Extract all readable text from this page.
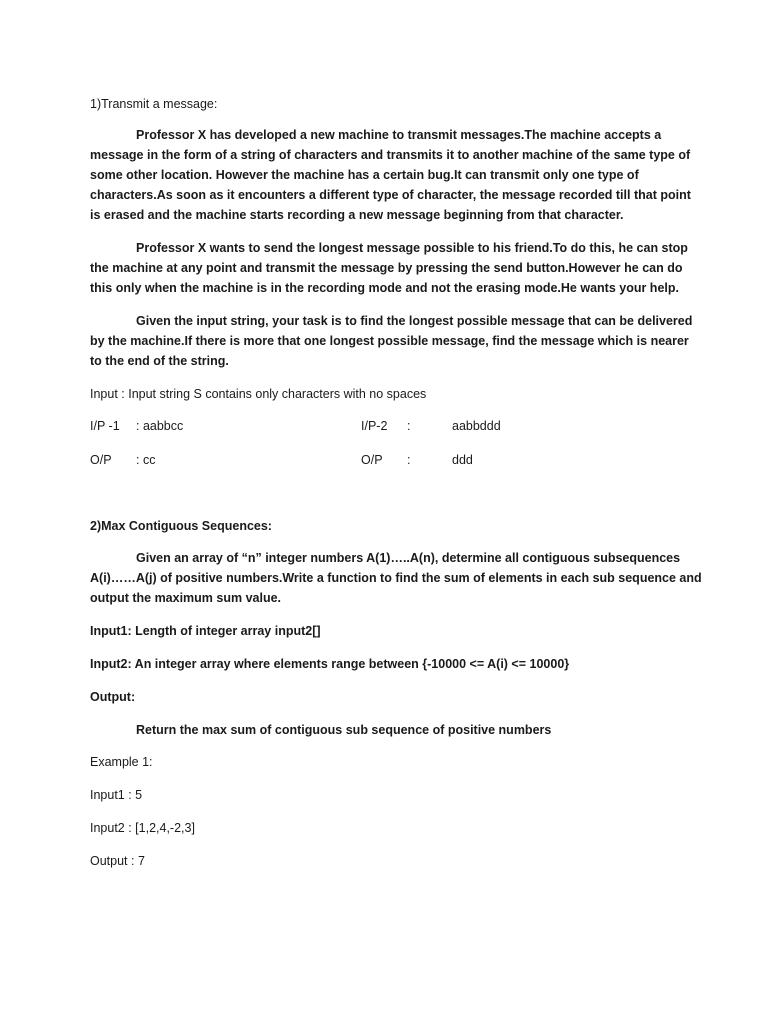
1)Transmit a message:
Professor X has developed a new machine to transmit messages.The machine accepts a
message in the form of a string of characters and transmits it to another machine of the same type of
some other location. However the machine has a certain bug.It can transmit only one type of
characters.As soon as it encounters a different type of character, the message recorded till that point
is erased and the machine starts recording a new message beginning from that character.
Professor X wants to send the longest message possible to his friend.To do this, he can stop
the machine at any point and transmit the message by pressing the send button.However he can do
this only when the machine is in the recording mode and not the erasing mode.He wants your help.
Given the input string, your task is to find the longest possible message that can be delivered
by the machine.If there is more that one longest possible message, find the message which is nearer
to the end of the string.
Input : Input string S contains only characters with no spaces
I/P -1 : aabbcc	I/P-2 :	aabbddd
O/P : cc	O/P :	ddd
2)Max Contiguous Sequences:
Given an array of “n” integer numbers A(1)…..A(n), determine all contiguous subsequences
A(i)……A(j) of positive numbers.Write a function to find the sum of elements in each sub sequence and
output the maximum sum value.
Input1: Length of integer array input2[]
Input2: An integer array where elements range between {-10000 <= A(i) <= 10000}
Output:
Return the max sum of contiguous sub sequence of positive numbers
Example 1:
Input1 : 5
Input2 : [1,2,4,-2,3]
Output : 7
